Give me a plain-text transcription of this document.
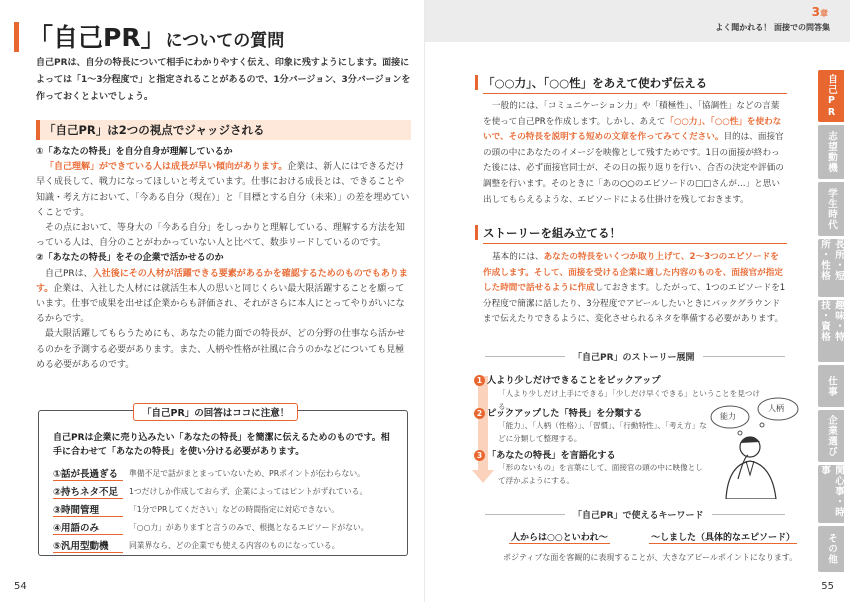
「自己PR」についての質問
自己PRは、自分の特長について相手にわかりやすく伝え、印象に残すようにします。面接によっては「1～3分程度で」と指定されることがあるので、1分バージョン、3分バージョンを作っておくとよいでしょう。
「自己PR」は2つの視点でジャッジされる
①「あなたの特長」を自分自身が理解しているか
「自己理解」ができている人は成長が早い傾向があります。企業は、新人にはできるだけ早く成長して、戦力になってほしいと考えています。仕事における成長とは、できることや知識・考え方において、「今ある自分（現在）」と「目標とする自分（未来）」の差を埋めていくことです。
その点において、等身大の「今ある自分」をしっかりと理解している、理解する方法を知っている人は、自分のことがわかっていない人と比べて、数歩リードしているのです。
②「あなたの特長」をその企業で活かせるのか
自己PRは、入社後にその人材が活躍できる要素があるかを確認するためのものでもあります。企業は、入社した人材には就活生本人の思いと同じくらい最大限活躍することを願っています。仕事で成果を出せば企業からも評価され、それがさらに本人にとってやりがいになるからです。
最大限活躍してもらうためにも、あなたの能力面での特長が、どの分野の仕事なら活かせるのかを予測する必要があります。また、人柄や性格が社風に合うのかなどについても見極める必要があるのです。
「自己PR」の回答はココに注意！
自己PRは企業に売り込みたい「あなたの特長」を簡潔に伝えるためのものです。相手に合わせて「あなたの特長」を使い分ける必要があります。
①話が長過ぎる	準備不足で話がまとまっていないため、PRポイントが伝わらない。
②持ちネタ不足	1つだけしか作成しておらず、企業によってはピントがずれている。
③時間管理	「1分でPRしてください」などの時間指定に対応できない。
④用語のみ	「○○力」がありますと言うのみで、根拠となるエピソードがない。
⑤汎用型動機	同業界なら、どの企業でも使える内容のものになっている。
54
3章
よく聞かれる！ 面接での問答集
「○○力」、「○○性」をあえて使わず伝える
一般的には、「コミュニケーション力」や「積極性」、「協調性」などの言葉を使って自己PRを作成します。しかし、あえて「○○力」、「○○性」を使わないで、その特長を説明する短めの文章を作ってみてください。目的は、面接官の頭の中にあなたのイメージを映像として残すためです。1日の面接が終わった後には、必ず面接官同士が、その日の振り返りを行い、合否の決定や評価の調整を行います。そのときに「あの○○のエピソードの□□さんが…」と思い出してもらえるような、エピソードによる仕掛けを残しておきます。
ストーリーを組み立てる！
基本的には、あなたの特長をいくつか取り上げて、2～3つのエピソードを作成します。そして、面接を受ける企業に適した内容のものを、面接官が指定した時間で話せるように作成しておきます。したがって、1つのエピソードを1分程度で簡潔に話したり、3分程度でアピールしたいときにバックグラウンドまで伝えたりできるように、変化させられるネタを準備する必要があります。
「自己PR」のストーリー展開
1 人より少しだけできることをピックアップ
「人より少しだけ上手にできる」「少しだけ早くできる」ということを見つける。
2 ピックアップした「特長」を分類する
「能力」、「人柄（性格）」、「習慣」、「行動特性」、「考え方」などに分類して整理する。
3 「あなたの特長」を言語化する
「形のないもの」を言葉にして、面接官の頭の中に映像として浮かぶようにする。
能力
人柄
「自己PR」で使えるキーワード
人からは○○といわれ～	～しました（具体的なエピソード）
ポジティブな面を客観的に表現することが、大きなアピールポイントになります。
55
自己PR
志望動機
学生時代
長所・短所・性格
趣味・特技・資格
仕事
企業選び
関心事・時事
その他
